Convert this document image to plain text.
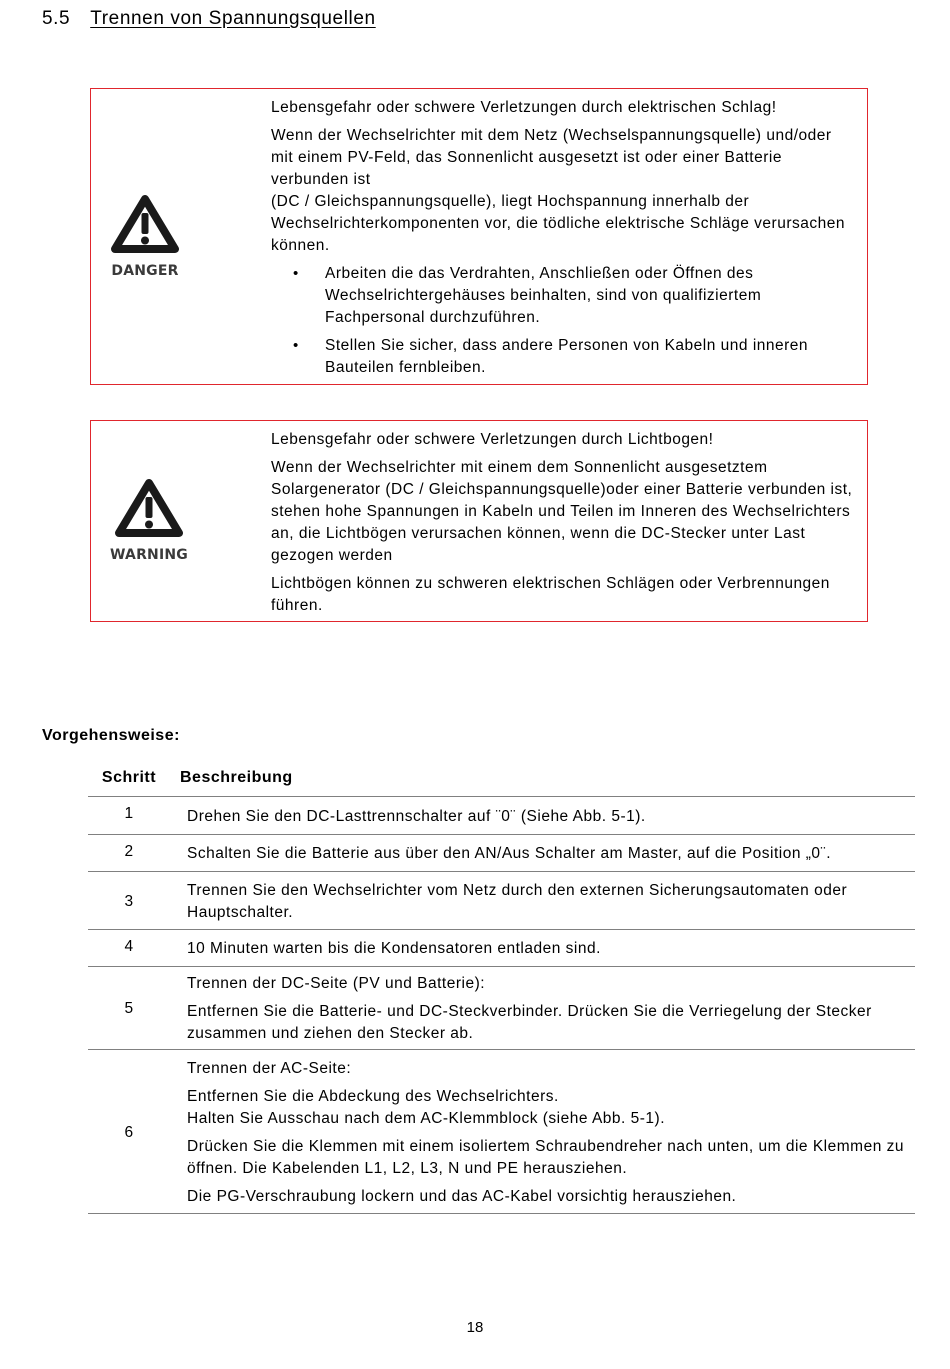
5.5 Trennen von Spannungsquellen
DANGER

Lebensgefahr oder schwere Verletzungen durch elektrischen Schlag!

Wenn der Wechselrichter mit dem Netz (Wechselspannungsquelle) und/oder mit einem PV-Feld, das Sonnenlicht ausgesetzt ist oder einer Batterie verbunden ist

(DC / Gleichspannungsquelle), liegt Hochspannung innerhalb der Wechselrichterkomponenten vor, die tödliche elektrische Schläge verursachen können.

• Arbeiten die das Verdrahten, Anschließen oder Öffnen des Wechselrichtergehäuses beinhalten, sind von qualifiziertem Fachpersonal durchzuführen.
• Stellen Sie sicher, dass andere Personen von Kabeln und inneren Bauteilen fernbleiben.
WARNING

Lebensgefahr oder schwere Verletzungen durch Lichtbogen!

Wenn der Wechselrichter mit einem dem Sonnenlicht ausgesetztem Solargenerator (DC / Gleichspannungsquelle)oder einer Batterie verbunden ist, stehen hohe Spannungen in Kabeln und Teilen im Inneren des Wechselrichters an, die Lichtbögen verursachen können, wenn die DC-Stecker unter Last gezogen werden

Lichtbögen können zu schweren elektrischen Schlägen oder Verbrennungen führen.

Vorgehensweise:
Schritt	Beschreibung
1	Drehen Sie den DC-Lasttrennschalter auf ¨0¨ (Siehe Abb. 5-1).

2	Schalten Sie die Batterie aus über den AN/Aus Schalter am Master, auf die Position „0¨.

3	Trennen Sie den Wechselrichter vom Netz durch den externen Sicherungsautomaten oder Hauptschalter.

4	10 Minuten warten bis die Kondensatoren entladen sind.

5	Trennen der DC-Seite (PV und Batterie):

Entfernen Sie die Batterie- und DC-Steckverbinder. Drücken Sie die Verriegelung der Stecker zusammen und ziehen den Stecker ab.

6	Trennen der AC-Seite:

Entfernen Sie die Abdeckung des Wechselrichters.
Halten Sie Ausschau nach dem AC-Klemmblock (siehe Abb. 5-1).

Drücken Sie die Klemmen mit einem isoliertem Schraubendreher nach unten, um die Klemmen zu öffnen. Die Kabelenden L1, L2, L3, N und PE herausziehen.

Die PG-Verschraubung lockern und das AC-Kabel vorsichtig herausziehen.

18
